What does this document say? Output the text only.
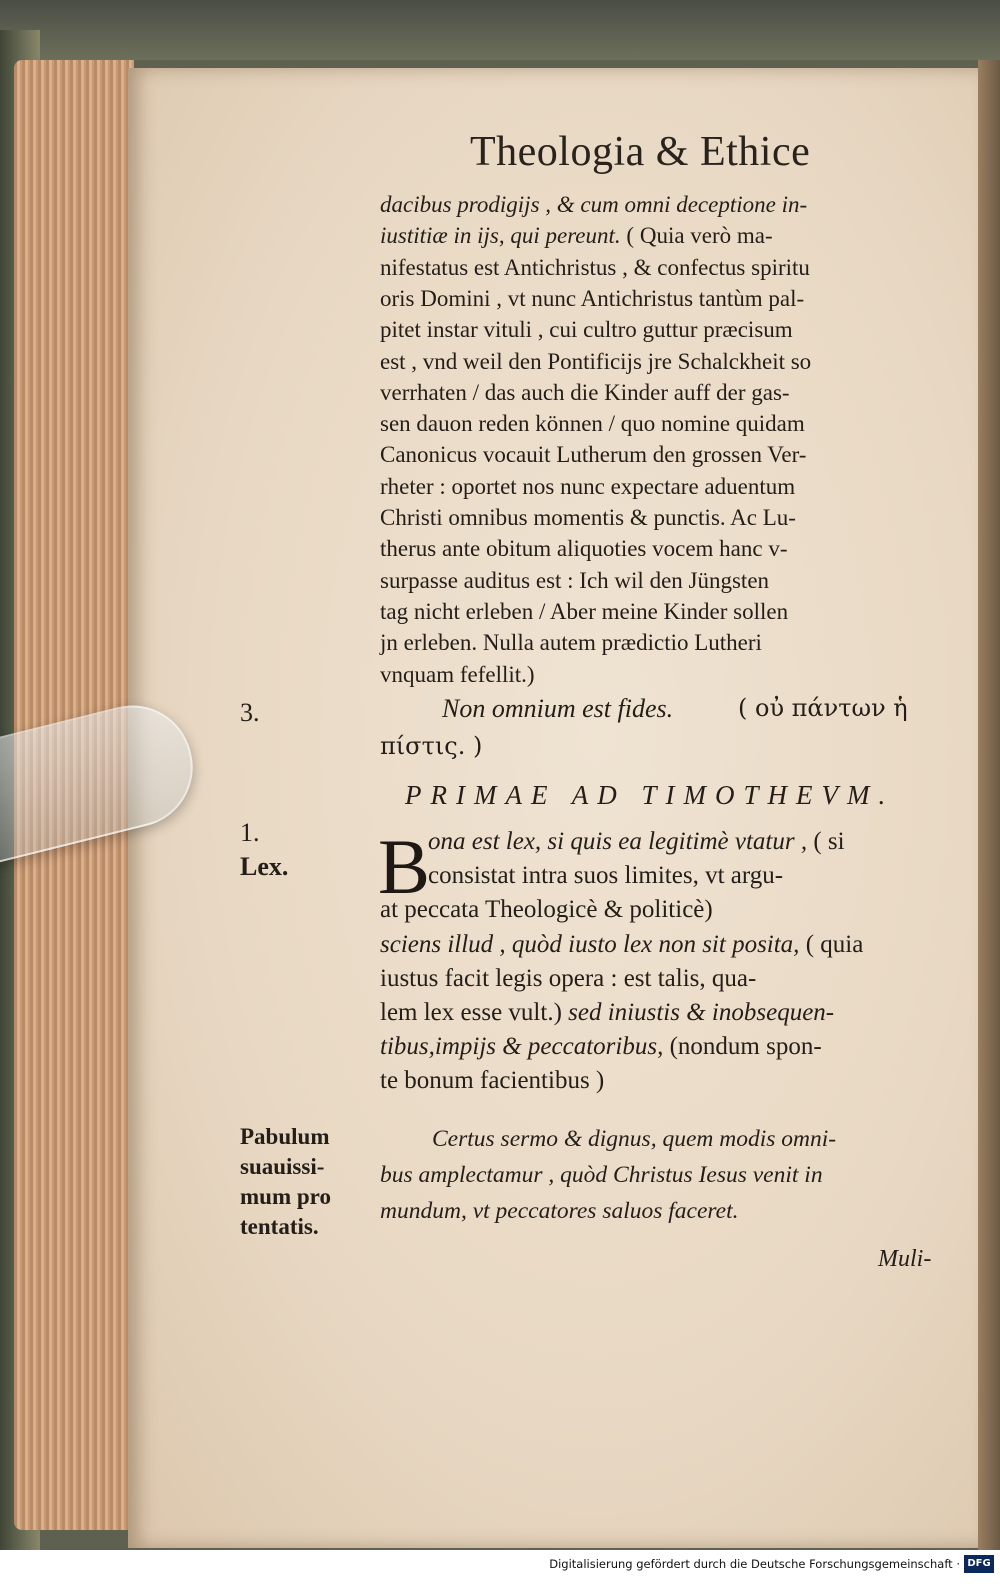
Theologia & Ethice
dacibus prodigijs , & cum omni deceptione in-
iustitiæ in ijs, qui pereunt. ( Quia verò ma-
nifestatus est Antichristus , & confectus spiritu
oris Domini , vt nunc Antichristus tantùm pal-
pitet instar vituli , cui cultro guttur præcisum
est , vnd weil den Pontificijs jre Schalckheit so
verrhaten / das auch die Kinder auff der gas-
sen dauon reden können / quo nomine quidam
Canonicus vocauit Lutherum den grossen Ver-
rheter : oportet nos nunc expectare aduentum
Christi omnibus momentis & punctis. Ac Lu-
therus ante obitum aliquoties vocem hanc v-
surpasse auditus est : Ich wil den Jüngsten
tag nicht erleben / Aber meine Kinder sollen
jn erleben. Nulla autem prædictio Lutheri
vnquam fefellit.)
3.	Non omnium est fides.	( οὐ πάντων ἡ
πίστις. )
PRIMAE AD TIMOTHEVM.
1.
Lex. B
ona est lex, si quis ea legitimè vtatur , ( si
consistat intra suos limites, vt argu-
at peccata Theologicè & politicè)
sciens illud , quòd iusto lex non sit posita, ( quia
iustus facit legis opera : est talis, qua-
lem lex esse vult.) sed iniustis & inobsequen-
tibus,impijs & peccatoribus, (nondum spon-
te bonum facientibus )
Pabulum
suauissi-
mum pro
tentatis.
Certus sermo & dignus, quem modis omni-
bus amplectamur , quòd Christus Iesus venit in
mundum, vt peccatores saluos faceret.
Muli-
Digitalisierung gefördert durch die Deutsche Forschungsgemeinschaft · DFG
